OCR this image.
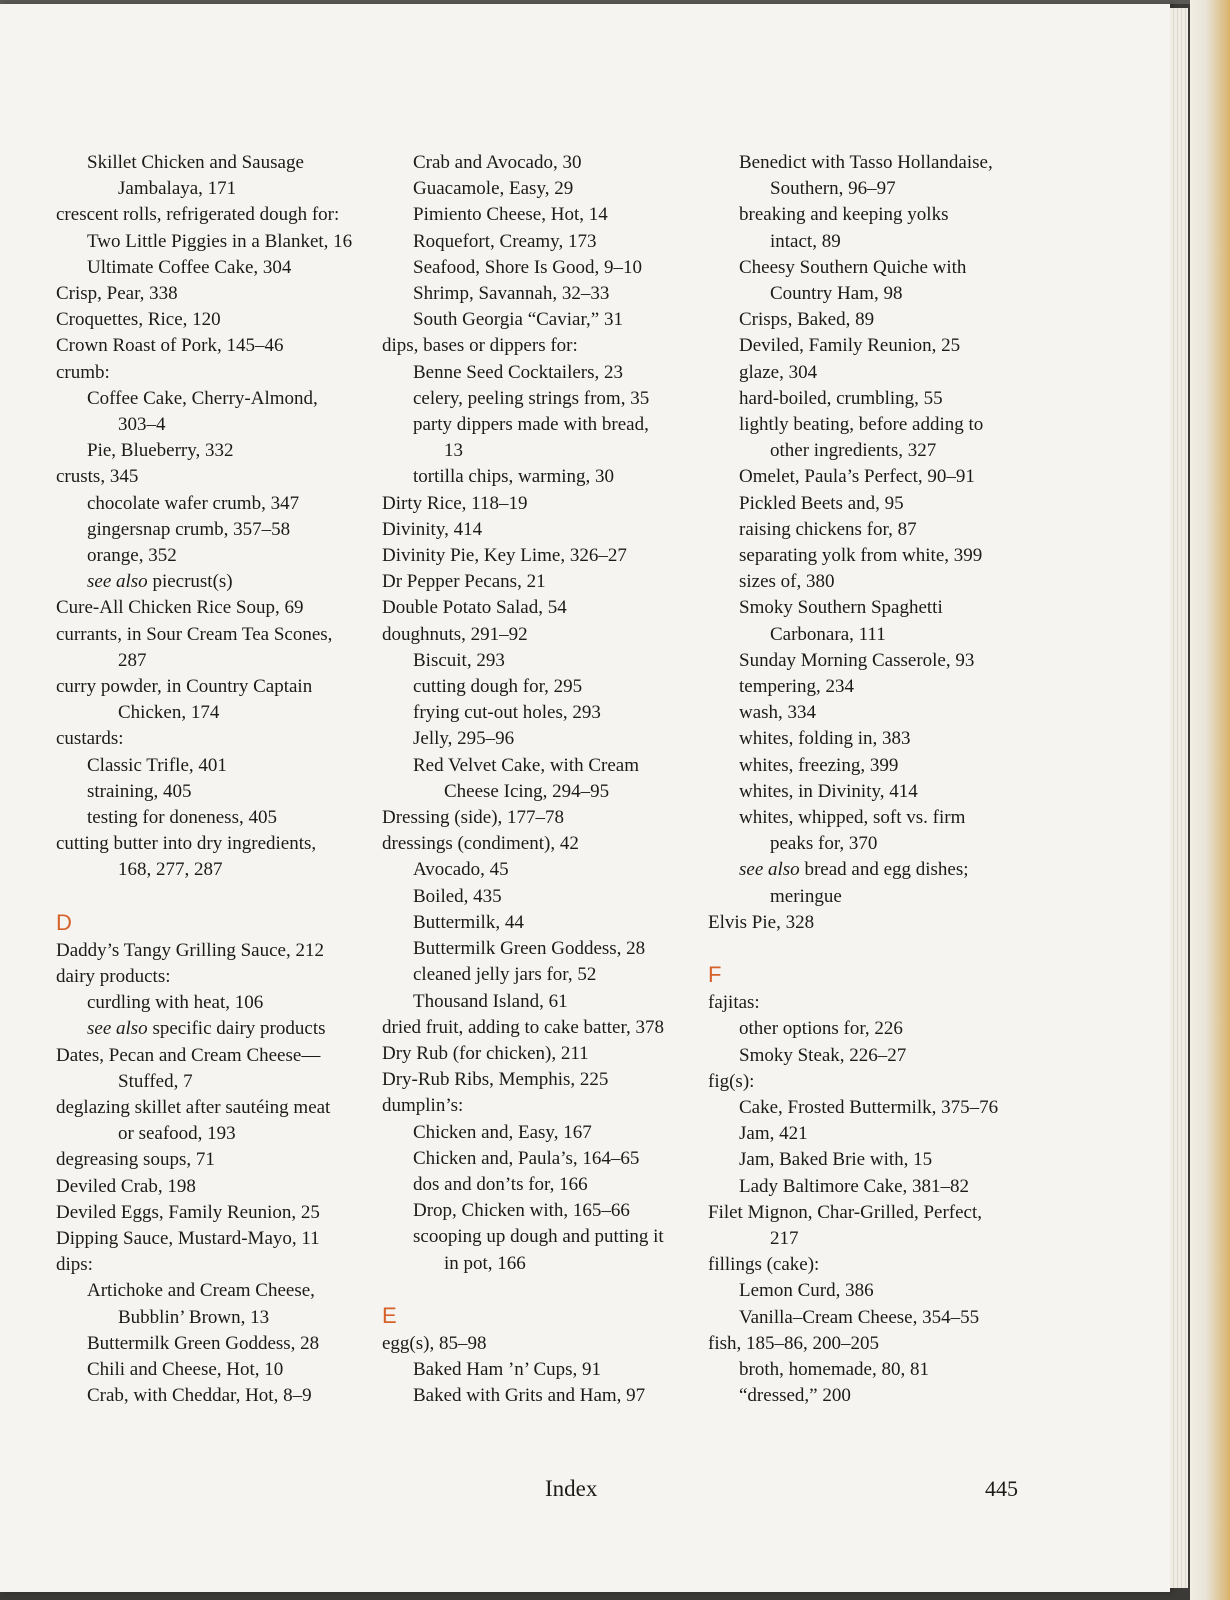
Skillet Chicken and Sausage
Jambalaya, 171
crescent rolls, refrigerated dough for:
Two Little Piggies in a Blanket, 16
Ultimate Coffee Cake, 304
Crisp, Pear, 338
Croquettes, Rice, 120
Crown Roast of Pork, 145–46
crumb:
Coffee Cake, Cherry-Almond,
303–4
Pie, Blueberry, 332
crusts, 345
chocolate wafer crumb, 347
gingersnap crumb, 357–58
orange, 352
see also piecrust(s)
Cure-All Chicken Rice Soup, 69
currants, in Sour Cream Tea Scones,
287
curry powder, in Country Captain
Chicken, 174
custards:
Classic Trifle, 401
straining, 405
testing for doneness, 405
cutting butter into dry ingredients,
168, 277, 287
D
Daddy’s Tangy Grilling Sauce, 212
dairy products:
curdling with heat, 106
see also specific dairy products
Dates, Pecan and Cream Cheese—
Stuffed, 7
deglazing skillet after sautéing meat
or seafood, 193
degreasing soups, 71
Deviled Crab, 198
Deviled Eggs, Family Reunion, 25
Dipping Sauce, Mustard-Mayo, 11
dips:
Artichoke and Cream Cheese,
Bubblin’ Brown, 13
Buttermilk Green Goddess, 28
Chili and Cheese, Hot, 10
Crab, with Cheddar, Hot, 8–9
Crab and Avocado, 30
Guacamole, Easy, 29
Pimiento Cheese, Hot, 14
Roquefort, Creamy, 173
Seafood, Shore Is Good, 9–10
Shrimp, Savannah, 32–33
South Georgia “Caviar,” 31
dips, bases or dippers for:
Benne Seed Cocktailers, 23
celery, peeling strings from, 35
party dippers made with bread,
13
tortilla chips, warming, 30
Dirty Rice, 118–19
Divinity, 414
Divinity Pie, Key Lime, 326–27
Dr Pepper Pecans, 21
Double Potato Salad, 54
doughnuts, 291–92
Biscuit, 293
cutting dough for, 295
frying cut-out holes, 293
Jelly, 295–96
Red Velvet Cake, with Cream
Cheese Icing, 294–95
Dressing (side), 177–78
dressings (condiment), 42
Avocado, 45
Boiled, 435
Buttermilk, 44
Buttermilk Green Goddess, 28
cleaned jelly jars for, 52
Thousand Island, 61
dried fruit, adding to cake batter, 378
Dry Rub (for chicken), 211
Dry-Rub Ribs, Memphis, 225
dumplin’s:
Chicken and, Easy, 167
Chicken and, Paula’s, 164–65
dos and don’ts for, 166
Drop, Chicken with, 165–66
scooping up dough and putting it
in pot, 166
E
egg(s), 85–98
Baked Ham ’n’ Cups, 91
Baked with Grits and Ham, 97
Benedict with Tasso Hollandaise,
Southern, 96–97
breaking and keeping yolks
intact, 89
Cheesy Southern Quiche with
Country Ham, 98
Crisps, Baked, 89
Deviled, Family Reunion, 25
glaze, 304
hard-boiled, crumbling, 55
lightly beating, before adding to
other ingredients, 327
Omelet, Paula’s Perfect, 90–91
Pickled Beets and, 95
raising chickens for, 87
separating yolk from white, 399
sizes of, 380
Smoky Southern Spaghetti
Carbonara, 111
Sunday Morning Casserole, 93
tempering, 234
wash, 334
whites, folding in, 383
whites, freezing, 399
whites, in Divinity, 414
whites, whipped, soft vs. firm
peaks for, 370
see also bread and egg dishes;
meringue
Elvis Pie, 328
F
fajitas:
other options for, 226
Smoky Steak, 226–27
fig(s):
Cake, Frosted Buttermilk, 375–76
Jam, 421
Jam, Baked Brie with, 15
Lady Baltimore Cake, 381–82
Filet Mignon, Char-Grilled, Perfect,
217
fillings (cake):
Lemon Curd, 386
Vanilla–Cream Cheese, 354–55
fish, 185–86, 200–205
broth, homemade, 80, 81
“dressed,” 200
Index	445
